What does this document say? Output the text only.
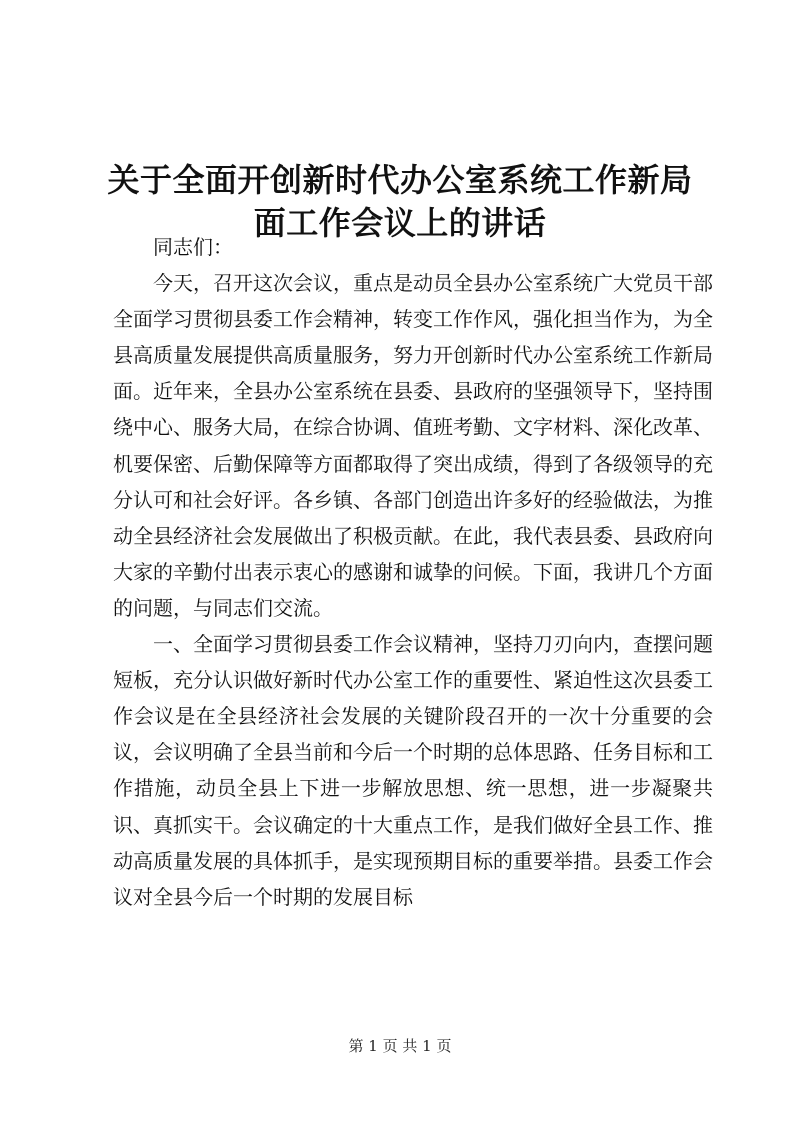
关于全面开创新时代办公室系统工作新局面工作会议上的讲话

同志们：

今天，召开这次会议，重点是动员全县办公室系统广大党员干部全面学习贯彻县委工作会精神，转变工作作风，强化担当作为，为全县高质量发展提供高质量服务，努力开创新时代办公室系统工作新局面。近年来，全县办公室系统在县委、县政府的坚强领导下，坚持围绕中心、服务大局，在综合协调、值班考勤、文字材料、深化改革、机要保密、后勤保障等方面都取得了突出成绩，得到了各级领导的充分认可和社会好评。各乡镇、各部门创造出许多好的经验做法，为推动全县经济社会发展做出了积极贡献。在此，我代表县委、县政府向大家的辛勤付出表示衷心的感谢和诚挚的问候。下面，我讲几个方面的问题，与同志们交流。

一、全面学习贯彻县委工作会议精神，坚持刀刃向内，查摆问题短板，充分认识做好新时代办公室工作的重要性、紧迫性这次县委工作会议是在全县经济社会发展的关键阶段召开的一次十分重要的会议，会议明确了全县当前和今后一个时期的总体思路、任务目标和工作措施，动员全县上下进一步解放思想、统一思想，进一步凝聚共识、真抓实干。会议确定的十大重点工作，是我们做好全县工作、推动高质量发展的具体抓手，是实现预期目标的重要举措。县委工作会议对全县今后一个时期的发展目标

第 1 页 共 1 页
